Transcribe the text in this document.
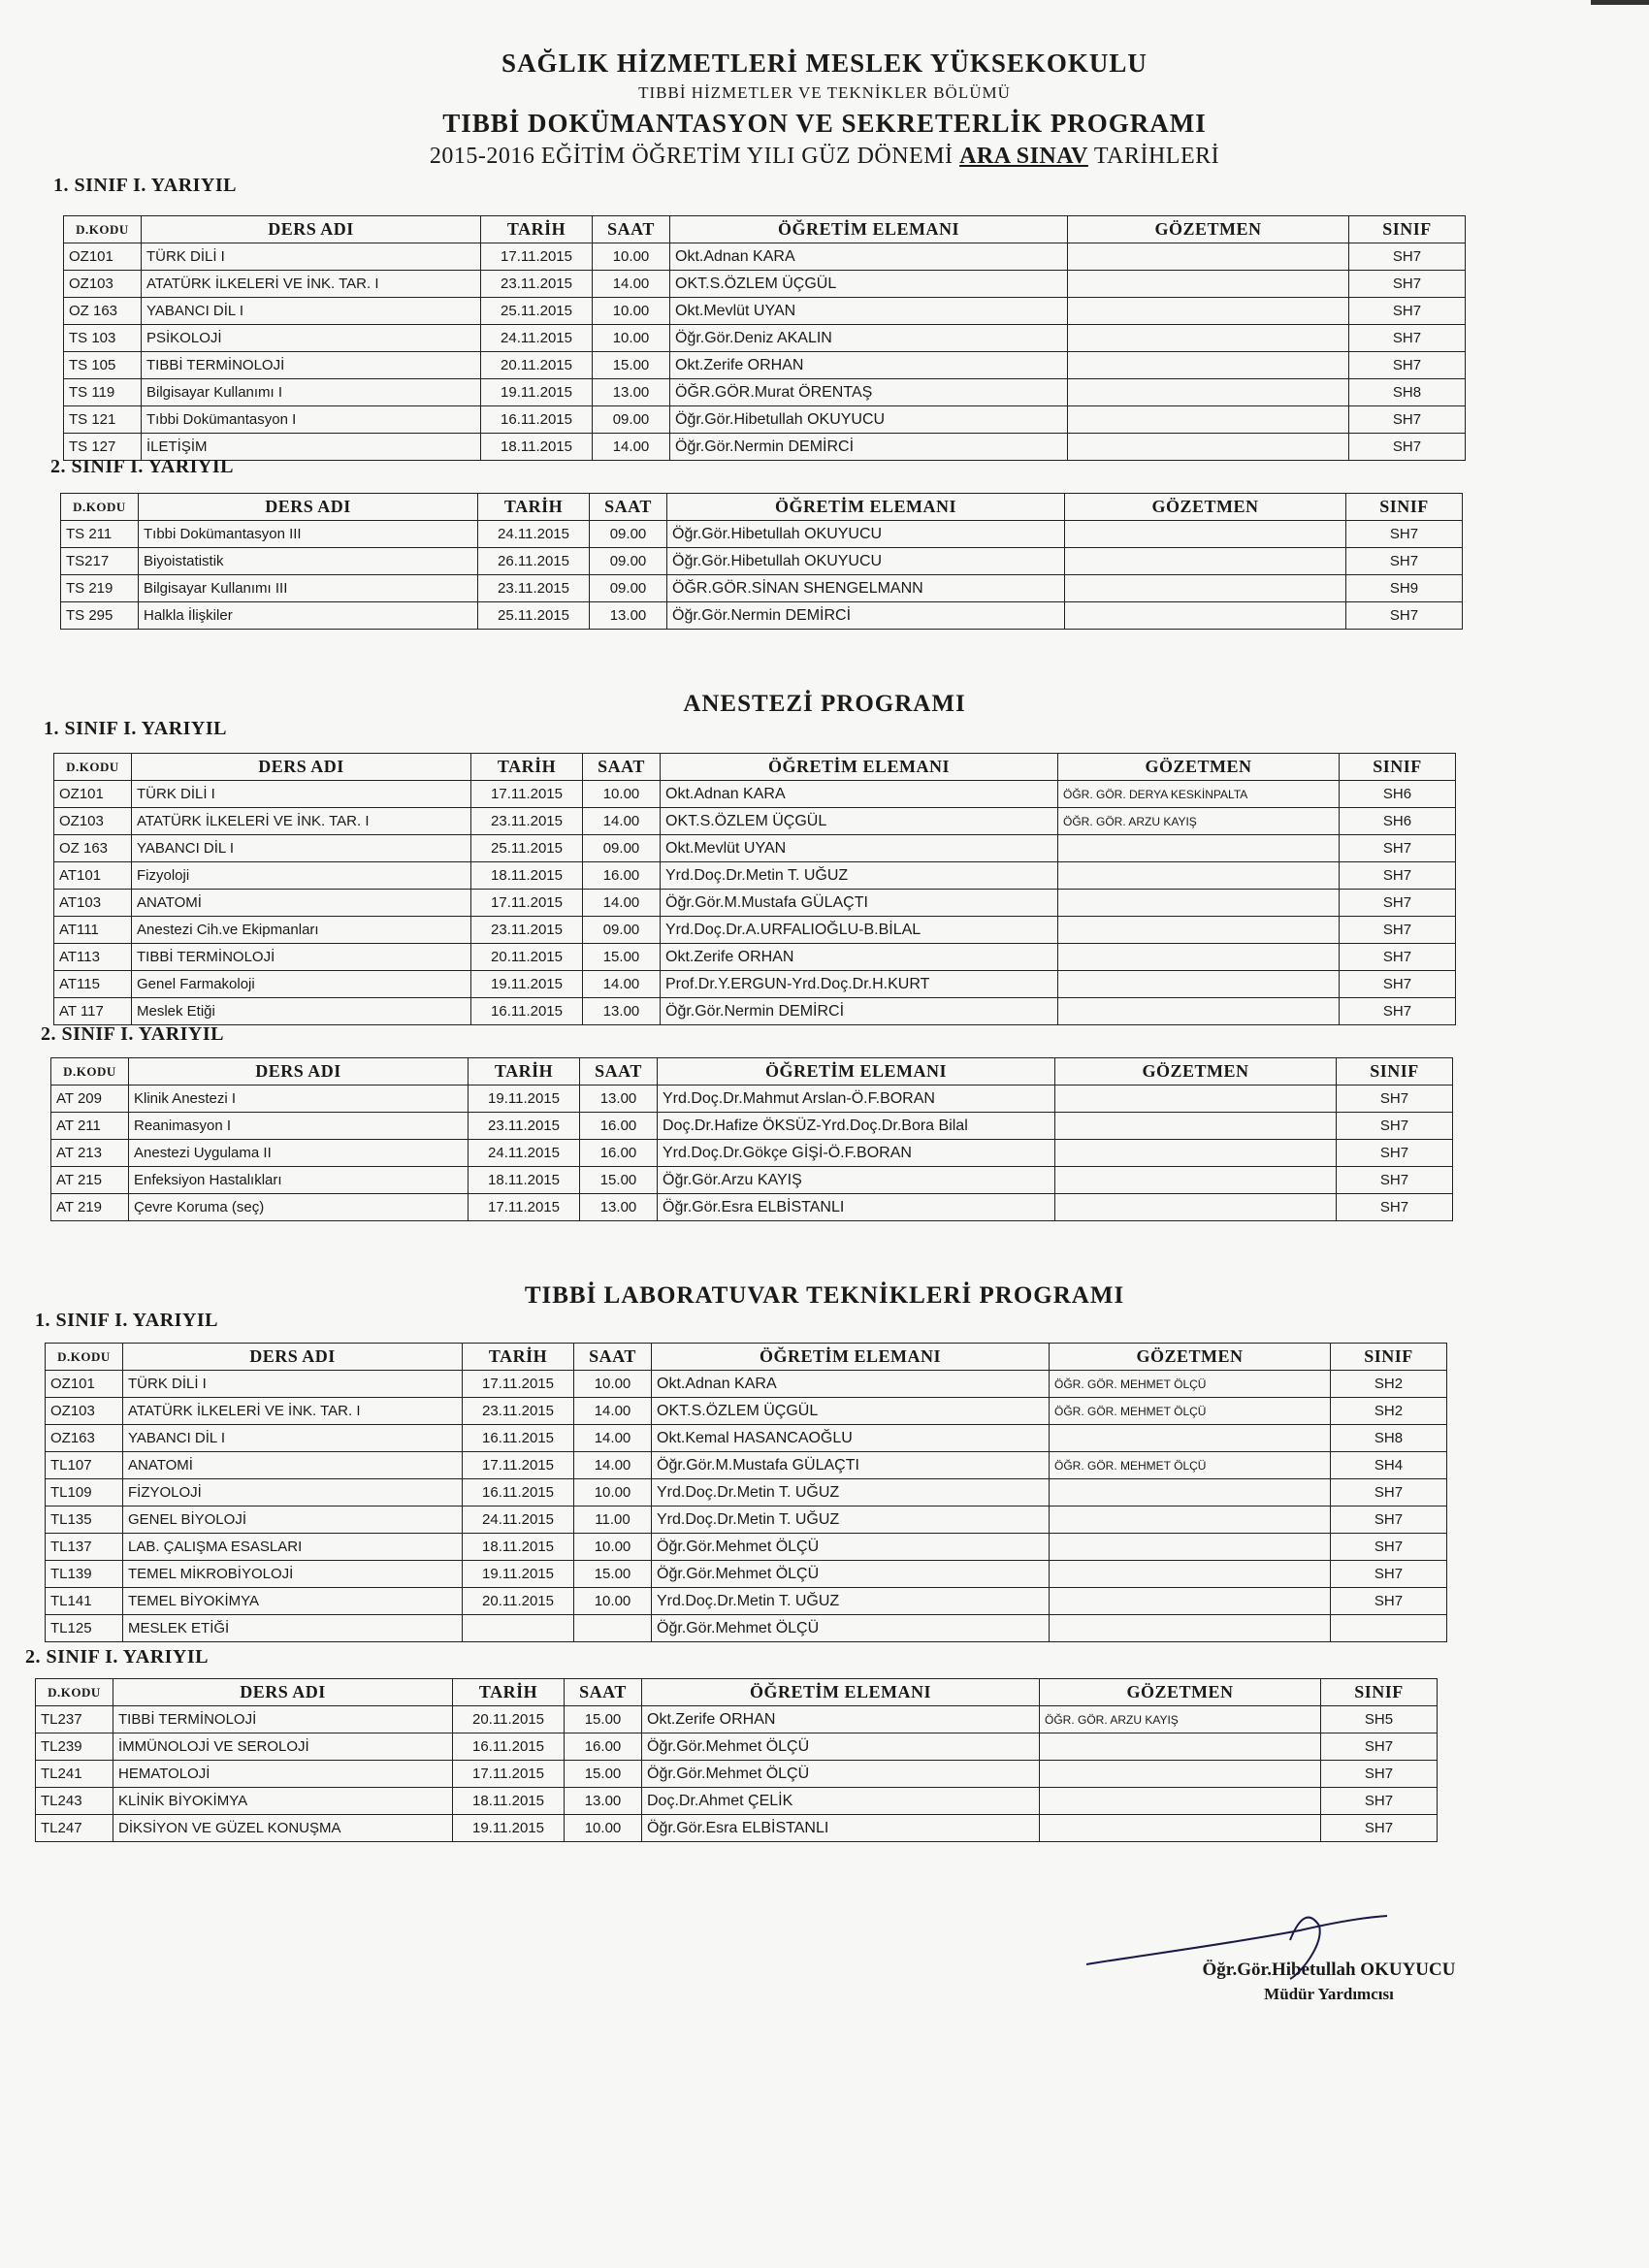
SAĞLIK HİZMETLERİ MESLEK YÜKSEKOKULU
TIBBİ HİZMETLER VE TEKNİKLER BÖLÜMÜ
TIBBİ DOKÜMANTASYON VE SEKRETERLİK PROGRAMI
2015-2016 EĞİTİM ÖĞRETİM YILI GÜZ DÖNEMİ ARA SINAV TARİHLERİ
1. SINIF I. YARIYIL
D.KODU	DERS ADI	TARİH	SAAT	ÖĞRETİM ELEMANI	GÖZETMEN	SINIF
OZ101	TÜRK DİLİ I	17.11.2015	10.00	Okt.Adnan KARA		SH7
OZ103	ATATÜRK İLKELERİ VE İNK. TAR. I	23.11.2015	14.00	OKT.S.ÖZLEM ÜÇGÜL		SH7
OZ 163	YABANCI DİL I	25.11.2015	10.00	Okt.Mevlüt UYAN		SH7
TS 103	PSİKOLOJİ	24.11.2015	10.00	Öğr.Gör.Deniz AKALIN		SH7
TS 105	TIBBİ TERMİNOLOJİ	20.11.2015	15.00	Okt.Zerife ORHAN		SH7
TS 119	Bilgisayar Kullanımı I	19.11.2015	13.00	ÖĞR.GÖR.Murat ÖRENTAŞ		SH8
TS 121	Tıbbi Dokümantasyon I	16.11.2015	09.00	Öğr.Gör.Hibetullah OKUYUCU		SH7
TS 127	İLETİŞİM	18.11.2015	14.00	Öğr.Gör.Nermin DEMİRCİ		SH7
2. SINIF I. YARIYIL
D.KODU	DERS ADI	TARİH	SAAT	ÖĞRETİM ELEMANI	GÖZETMEN	SINIF
TS 211	Tıbbi Dokümantasyon III	24.11.2015	09.00	Öğr.Gör.Hibetullah OKUYUCU		SH7
TS217	Biyoistatistik	26.11.2015	09.00	Öğr.Gör.Hibetullah OKUYUCU		SH7
TS 219	Bilgisayar Kullanımı III	23.11.2015	09.00	ÖĞR.GÖR.SİNAN SHENGELMANN		SH9
TS 295	Halkla İlişkiler	25.11.2015	13.00	Öğr.Gör.Nermin DEMİRCİ		SH7
ANESTEZİ PROGRAMI
1. SINIF I. YARIYIL
D.KODU	DERS ADI	TARİH	SAAT	ÖĞRETİM ELEMANI	GÖZETMEN	SINIF
OZ101	TÜRK DİLİ I	17.11.2015	10.00	Okt.Adnan KARA	ÖĞR. GÖR. DERYA KESKİNPALTA	SH6
OZ103	ATATÜRK İLKELERİ VE İNK. TAR. I	23.11.2015	14.00	OKT.S.ÖZLEM ÜÇGÜL	ÖĞR. GÖR. ARZU KAYIŞ	SH6
OZ 163	YABANCI DİL I	25.11.2015	09.00	Okt.Mevlüt UYAN		SH7
AT101	Fizyoloji	18.11.2015	16.00	Yrd.Doç.Dr.Metin T. UĞUZ		SH7
AT103	ANATOMİ	17.11.2015	14.00	Öğr.Gör.M.Mustafa GÜLAÇTI		SH7
AT111	Anestezi Cih.ve Ekipmanları	23.11.2015	09.00	Yrd.Doç.Dr.A.URFALIOĞLU-B.BİLAL		SH7
AT113	TIBBİ TERMİNOLOJİ	20.11.2015	15.00	Okt.Zerife ORHAN		SH7
AT115	Genel Farmakoloji	19.11.2015	14.00	Prof.Dr.Y.ERGUN-Yrd.Doç.Dr.H.KURT		SH7
AT 117	Meslek Etiği	16.11.2015	13.00	Öğr.Gör.Nermin DEMİRCİ		SH7
2. SINIF I. YARIYIL
D.KODU	DERS ADI	TARİH	SAAT	ÖĞRETİM ELEMANI	GÖZETMEN	SINIF
AT 209	Klinik Anestezi I	19.11.2015	13.00	Yrd.Doç.Dr.Mahmut Arslan-Ö.F.BORAN		SH7
AT 211	Reanimasyon I	23.11.2015	16.00	Doç.Dr.Hafize ÖKSÜZ-Yrd.Doç.Dr.Bora Bilal		SH7
AT 213	Anestezi Uygulama II	24.11.2015	16.00	Yrd.Doç.Dr.Gökçe GİŞİ-Ö.F.BORAN		SH7
AT 215	Enfeksiyon Hastalıkları	18.11.2015	15.00	Öğr.Gör.Arzu KAYIŞ		SH7
AT 219	Çevre Koruma (seç)	17.11.2015	13.00	Öğr.Gör.Esra ELBİSTANLI		SH7
TIBBİ LABORATUVAR TEKNİKLERİ PROGRAMI
1. SINIF I. YARIYIL
D.KODU	DERS ADI	TARİH	SAAT	ÖĞRETİM ELEMANI	GÖZETMEN	SINIF
OZ101	TÜRK DİLİ I	17.11.2015	10.00	Okt.Adnan KARA	ÖĞR. GÖR. MEHMET ÖLÇÜ	SH2
OZ103	ATATÜRK İLKELERİ VE İNK. TAR. I	23.11.2015	14.00	OKT.S.ÖZLEM ÜÇGÜL	ÖĞR. GÖR. MEHMET ÖLÇÜ	SH2
OZ163	YABANCI DİL I	16.11.2015	14.00	Okt.Kemal HASANCAOĞLU		SH8
TL107	ANATOMİ	17.11.2015	14.00	Öğr.Gör.M.Mustafa GÜLAÇTI	ÖĞR. GÖR. MEHMET ÖLÇÜ	SH4
TL109	FİZYOLOJİ	16.11.2015	10.00	Yrd.Doç.Dr.Metin T. UĞUZ		SH7
TL135	GENEL BİYOLOJİ	24.11.2015	11.00	Yrd.Doç.Dr.Metin T. UĞUZ		SH7
TL137	LAB. ÇALIŞMA ESASLARI	18.11.2015	10.00	Öğr.Gör.Mehmet ÖLÇÜ		SH7
TL139	TEMEL MİKROBİYOLOJİ	19.11.2015	15.00	Öğr.Gör.Mehmet ÖLÇÜ		SH7
TL141	TEMEL BİYOKİMYA	20.11.2015	10.00	Yrd.Doç.Dr.Metin T. UĞUZ		SH7
TL125	MESLEK ETİĞİ			Öğr.Gör.Mehmet ÖLÇÜ		
2. SINIF I. YARIYIL
D.KODU	DERS ADI	TARİH	SAAT	ÖĞRETİM ELEMANI	GÖZETMEN	SINIF
TL237	TIBBİ TERMİNOLOJİ	20.11.2015	15.00	Okt.Zerife ORHAN	ÖĞR. GÖR. ARZU KAYIŞ	SH5
TL239	İMMÜNOLOJİ VE SEROLOJİ	16.11.2015	16.00	Öğr.Gör.Mehmet ÖLÇÜ		SH7
TL241	HEMATOLOJİ	17.11.2015	15.00	Öğr.Gör.Mehmet ÖLÇÜ		SH7
TL243	KLİNİK BİYOKİMYA	18.11.2015	13.00	Doç.Dr.Ahmet ÇELİK		SH7
TL247	DİKSİYON VE GÜZEL KONUŞMA	19.11.2015	10.00	Öğr.Gör.Esra ELBİSTANLI		SH7
Öğr.Gör.Hibetullah OKUYUCU
Müdür Yardımcısı
